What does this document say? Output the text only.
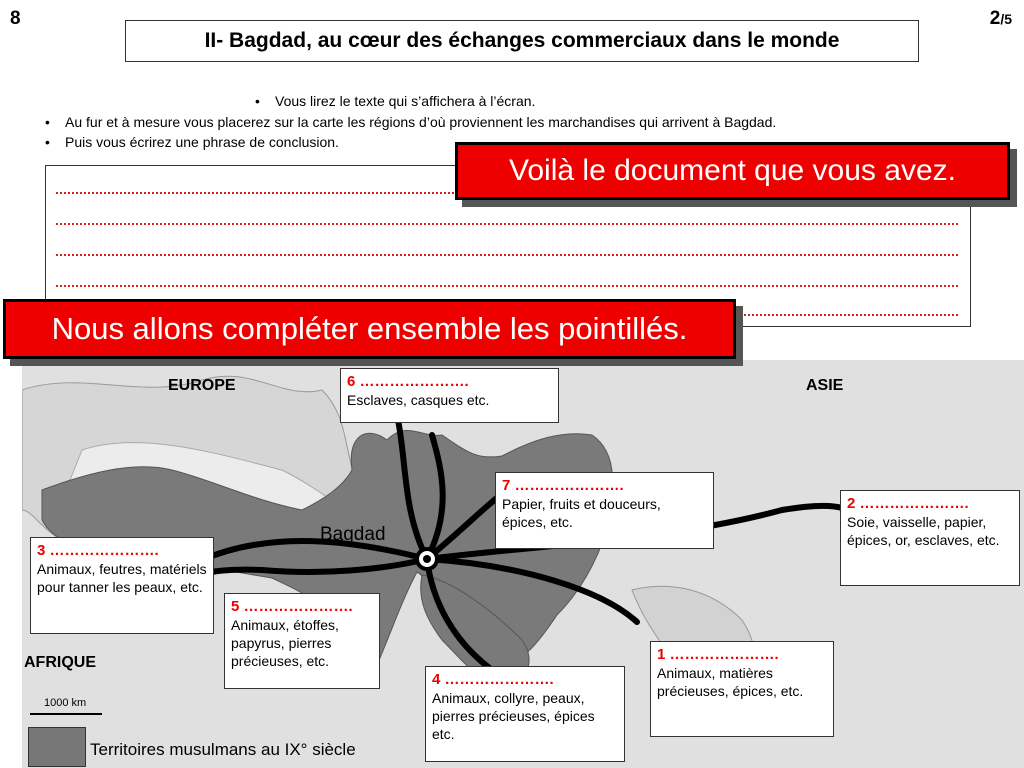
8	2/5
II- Bagdad, au cœur des échanges commerciaux dans le monde
• Vous lirez le texte qui s’affichera à l’écran.
• Au fur et à mesure vous placerez sur la carte les régions d’où proviennent les marchandises qui arrivent à Bagdad.
• Puis vous écrirez une phrase de conclusion.
Voilà le document que vous avez.
EUROPE	ASIE
AFRIQUE
Bagdad
6 ………………….
Esclaves, casques etc.
7 ………………….
Papier, fruits et douceurs, épices, etc.
2 ………………….
Soie, vaisselle, papier, épices, or, esclaves, etc.
3 ………………….
Animaux, feutres, matériels pour tanner les peaux, etc.
5 ………………….
Animaux, étoffes, papyrus, pierres précieuses, etc.	1 ………………….
Animaux, matières précieuses, épices, etc.
4 ………………….
Animaux, collyre, peaux, pierres précieuses, épices etc.
1000 km
Territoires musulmans au IX° siècle
Nous allons compléter ensemble les pointillés.
